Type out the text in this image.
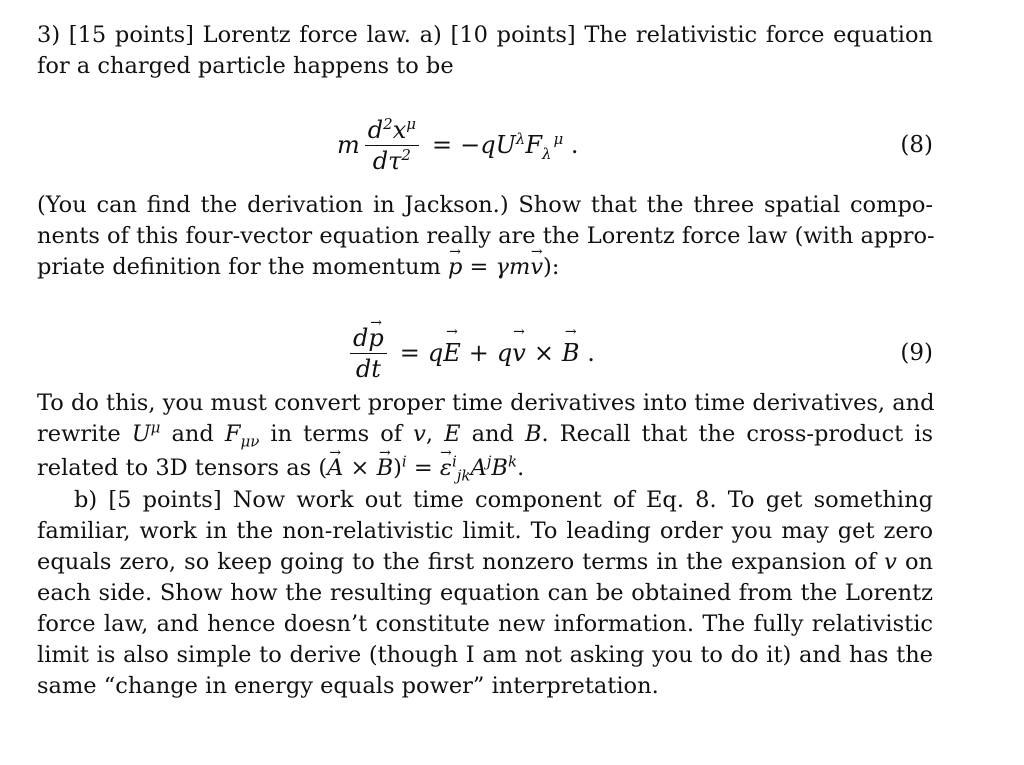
3) [15 points] Lorentz force law. a) [10 points] The relativistic force equation
for a charged particle happens to be
m $\frac{d^2x^\mu}{d\tau^2} = -qU^\lambda F_\lambda^\mu$ .	(8)
(You can find the derivation in Jackson.) Show that the three spatial compo-
nents of this four-vector equation really are the Lorentz force law (with appro-
priate definition for the momentum p → = γmv →):
$\frac{dp \to}{dt}$ = qE → + qv → × B → .	(9)
To do this, you must convert proper time derivatives into time derivatives, and
rewrite $U^\mu$ and $F_{\mu\nu}$ in terms of v, E and B. Recall that the cross-product is
related to 3D tensors as (A → × $B \to)^i = \varepsilon \to^i_{jk}A^jB^k$.
b) [5 points] Now work out time component of Eq. 8. To get something
familiar, work in the non-relativistic limit. To leading order you may get zero
equals zero, so keep going to the first nonzero terms in the expansion of v on
each side. Show how the resulting equation can be obtained from the Lorentz
force law, and hence doesn’t constitute new information. The fully relativistic
limit is also simple to derive (though I am not asking you to do it) and has the
same “change in energy equals power” interpretation.
